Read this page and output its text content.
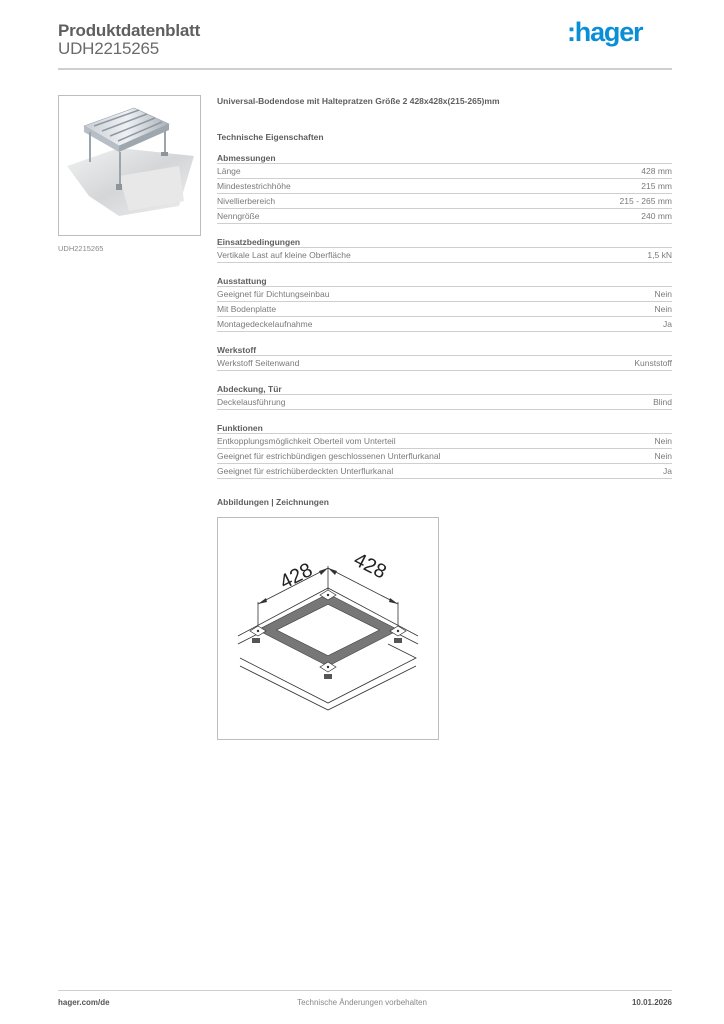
Produktdatenblatt
UDH2215265
:hager
UDH2215265
Universal-Bodendose mit Haltepratzen Größe 2 428x428x(215-265)mm
Technische Eigenschaften
Abmessungen
Länge	428 mm
Mindestestrichhöhe	215 mm
Nivellierbereich	215 - 265 mm
Nenngröße	240 mm
Einsatzbedingungen
Vertikale Last auf kleine Oberfläche	1,5 kN
Ausstattung
Geeignet für Dichtungseinbau	Nein
Mit Bodenplatte	Nein
Montagedeckelaufnahme	Ja
Werkstoff
Werkstoff Seitenwand	Kunststoff
Abdeckung, Tür
Deckelausführung	Blind
Funktionen
Entkopplungsmöglichkeit Oberteil vom Unterteil	Nein
Geeignet für estrichbündigen geschlossenen Unterflurkanal	Nein
Geeignet für estrichüberdeckten Unterflurkanal	Ja
Abbildungen | Zeichnungen
428 428
hager.com/de	Technische Änderungen vorbehalten	10.01.2026
